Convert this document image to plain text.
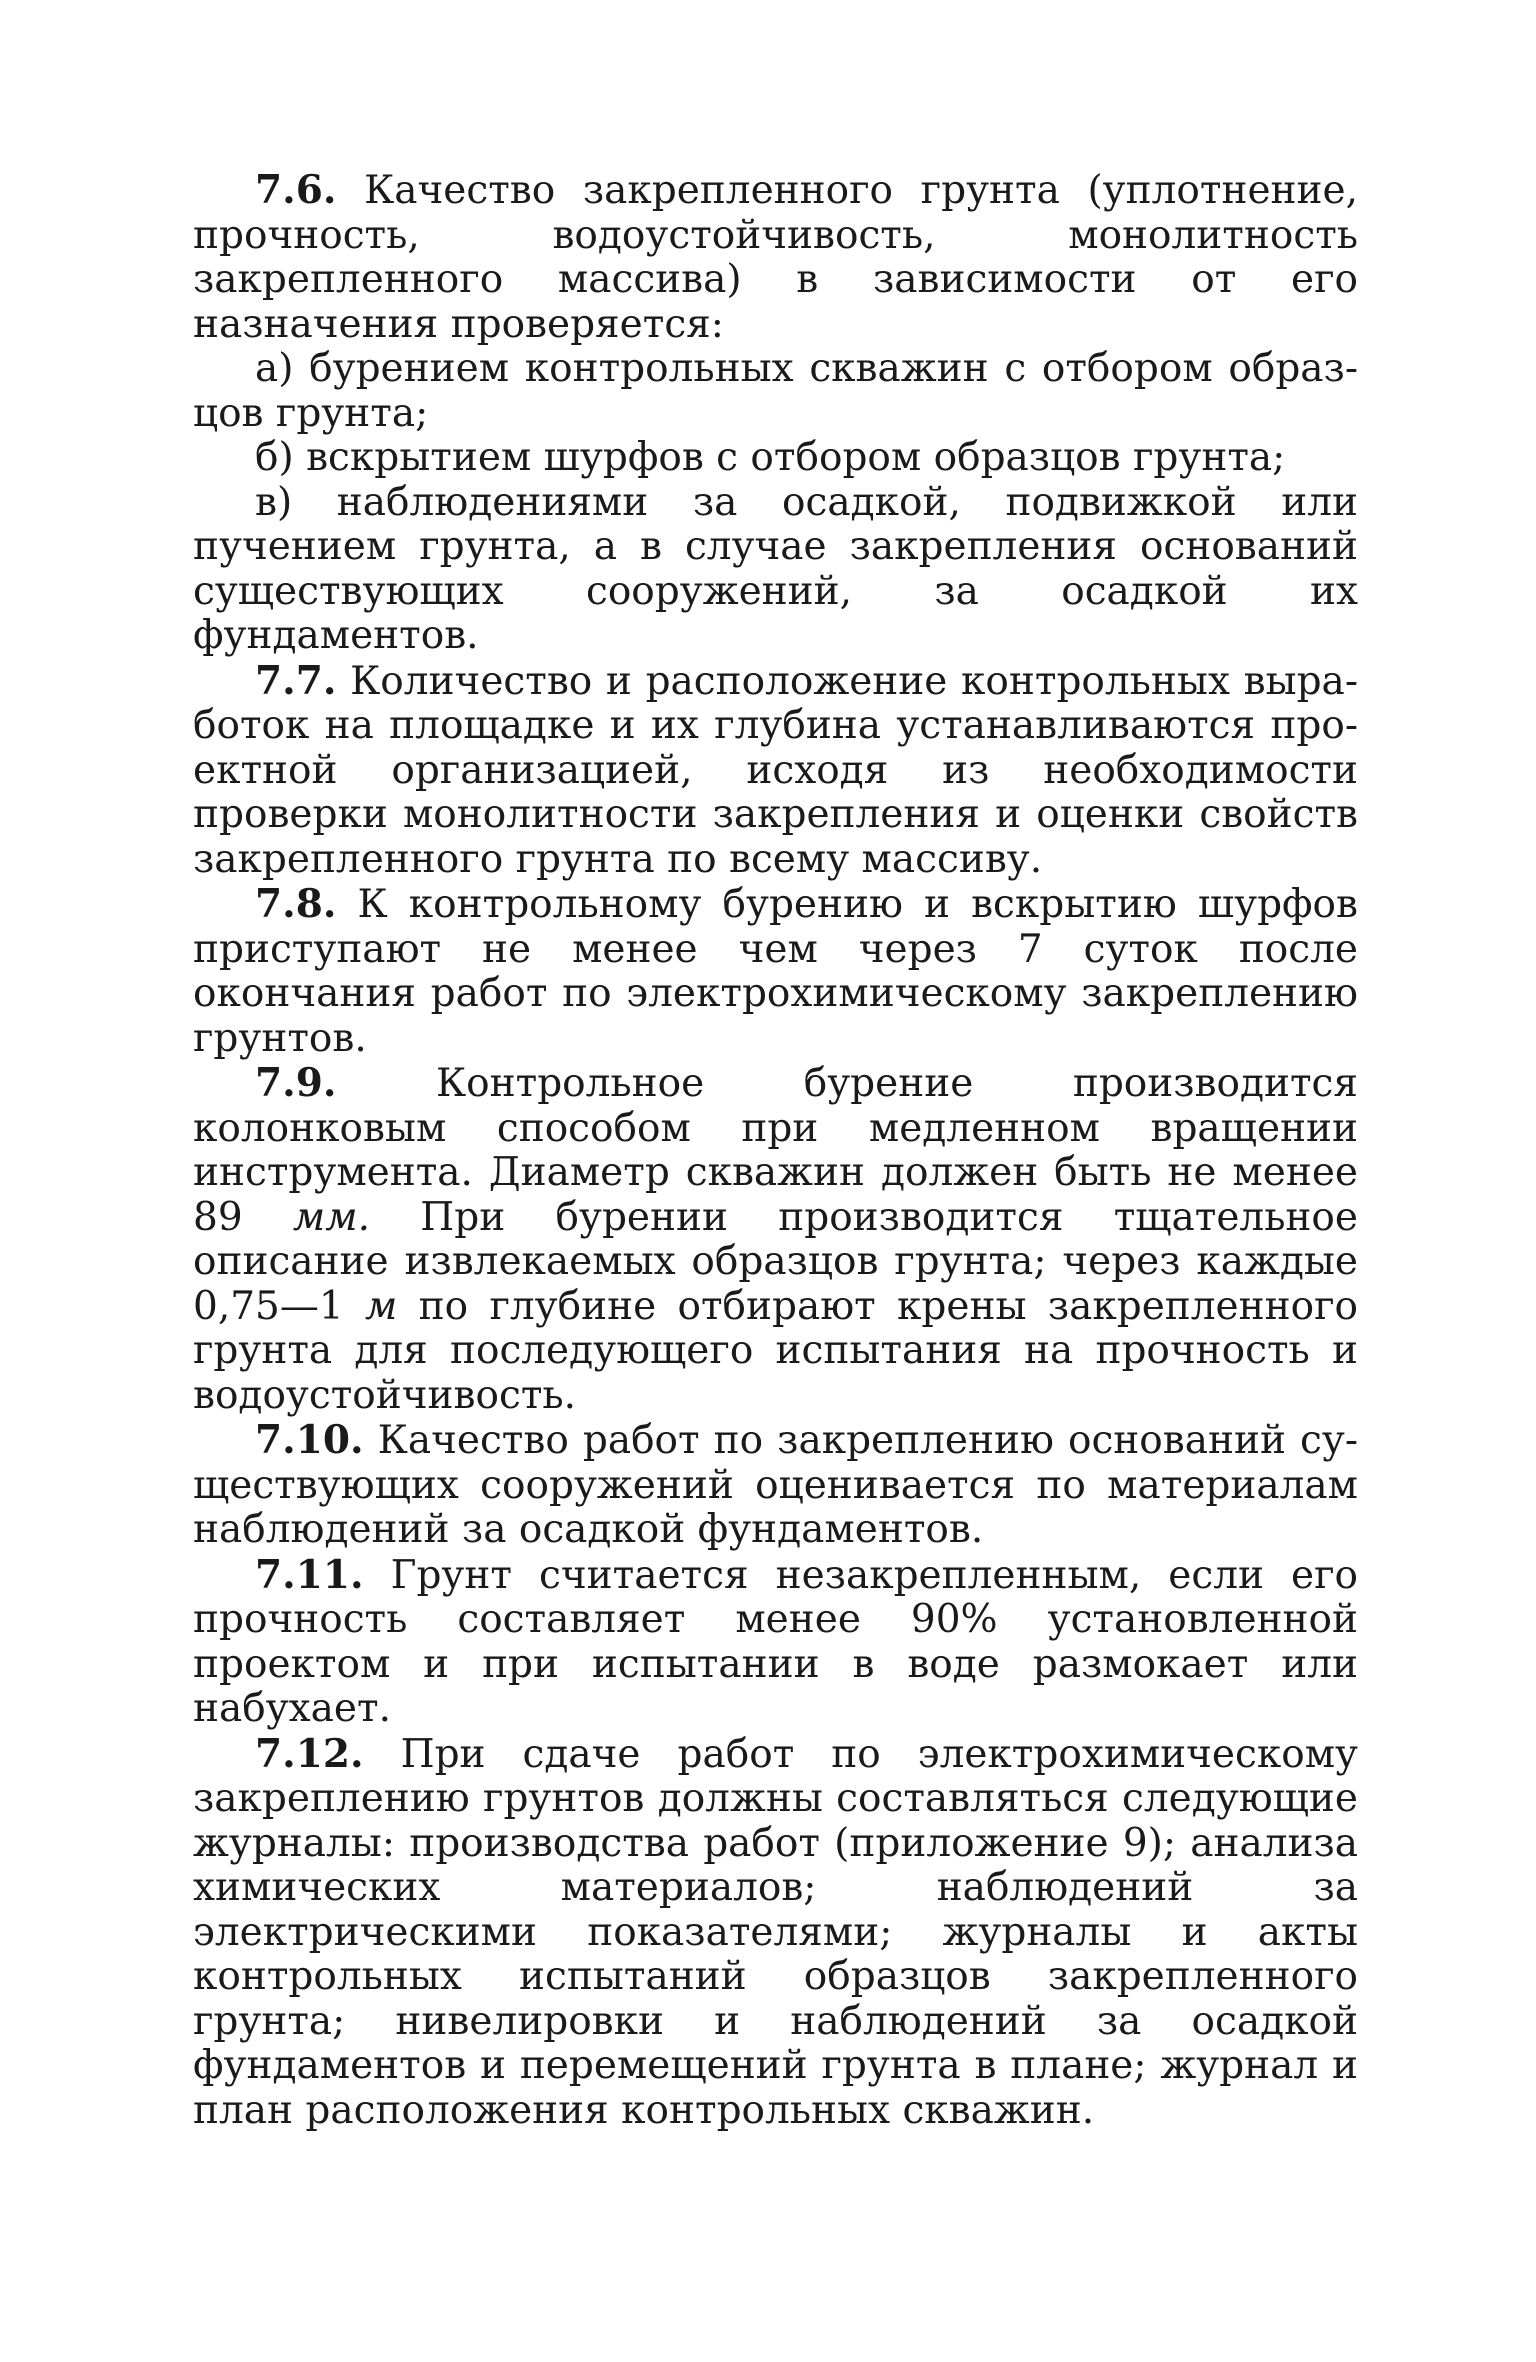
7.6. Качество закрепленного грунта (уплотнение, прочность, водоустойчивость, монолитность закрепленного массива) в зависимости от его назначения проверяется:

а) бурением контрольных скважин с отбором образцов грунта;

б) вскрытием шурфов с отбором образцов грунта;

в) наблюдениями за осадкой, подвижкой или пучением грунта, а в случае закрепления оснований существующих сооружений, за осадкой их фундаментов.

7.7. Количество и расположение контрольных выработок на площадке и их глубина устанавливаются проектной организацией, исходя из необходимости проверки монолитности закрепления и оценки свойств закрепленного грунта по всему массиву.

7.8. К контрольному бурению и вскрытию шурфов приступают не менее чем через 7 суток после окончания работ по электрохимическому закреплению грунтов.

7.9.	Контрольное бурение производится колонковым способом при медленном вращении инструмента. Диаметр скважин должен быть не менее 89 мм. При бурении производится тщательное описание извлекаемых образцов грунта; через каждые 0,75—1 м по глубине отбирают крены закрепленного грунта для последующего испытания на прочность и водоустойчивость.

7.10. Качество работ по закреплению оснований существующих сооружений оценивается по материалам наблюдений за осадкой фундаментов.

7.11. Грунт считается незакрепленным, если его прочность составляет менее 90% установленной проектом и при испытании в воде размокает или набухает.

7.12. При сдаче работ по электрохимическому закреплению грунтов должны составляться следующие журналы: производства работ (приложение 9); анализа химических материалов; наблюдений за электрическими показателями; журналы и акты контрольных испытаний образцов закрепленного грунта; нивелировки и наблюдений за осадкой фундаментов и перемещений грунта в плане; журнал и план расположения контрольных скважин.
